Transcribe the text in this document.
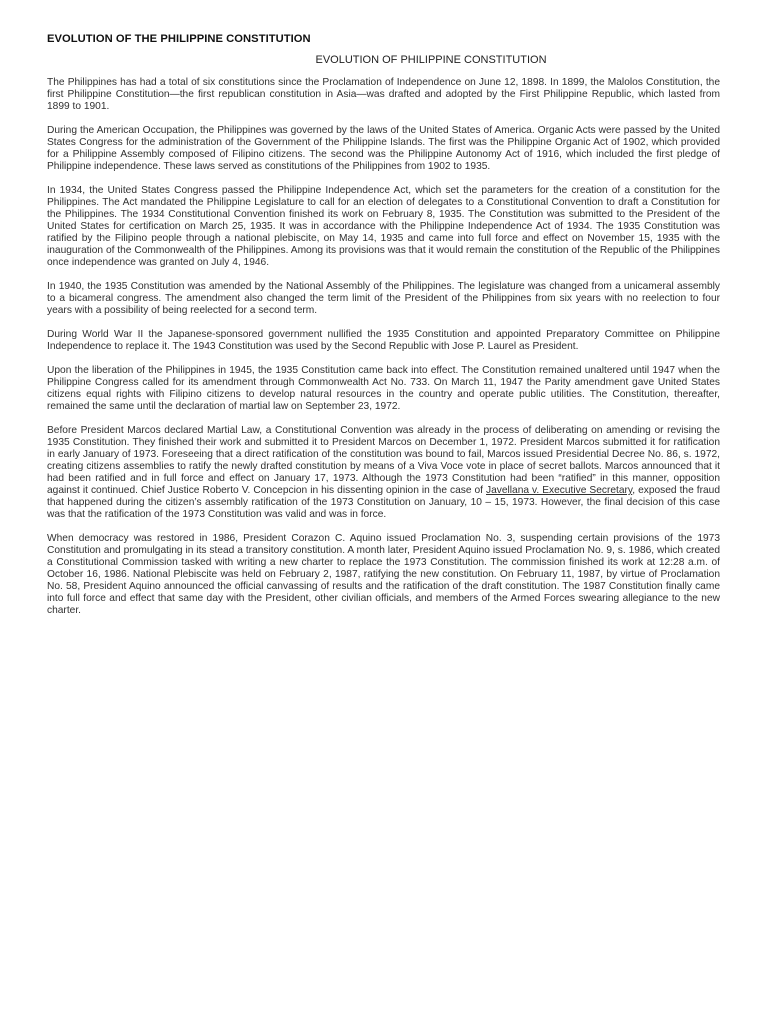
EVOLUTION OF THE PHILIPPINE CONSTITUTION
EVOLUTION OF PHILIPPINE CONSTITUTION

The Philippines has had a total of six constitutions since the Proclamation of Independence on June 12, 1898. In 1899, the Malolos Constitution, the first Philippine Constitution—the first republican constitution in Asia—was drafted and adopted by the First Philippine Republic, which lasted from 1899 to 1901.

During the American Occupation, the Philippines was governed by the laws of the United States of America. Organic Acts were passed by the United States Congress for the administration of the Government of the Philippine Islands. The first was the Philippine Organic Act of 1902, which provided for a Philippine Assembly composed of Filipino citizens. The second was the Philippine Autonomy Act of 1916, which included the first pledge of Philippine independence. These laws served as constitutions of the Philippines from 1902 to 1935.

In 1934, the United States Congress passed the Philippine Independence Act, which set the parameters for the creation of a constitution for the Philippines. The Act mandated the Philippine Legislature to call for an election of delegates to a Constitutional Convention to draft a Constitution for the Philippines. The 1934 Constitutional Convention finished its work on February 8, 1935. The Constitution was submitted to the President of the United States for certification on March 25, 1935. It was in accordance with the Philippine Independence Act of 1934. The 1935 Constitution was ratified by the Filipino people through a national plebiscite, on May 14, 1935 and came into full force and effect on November 15, 1935 with the inauguration of the Commonwealth of the Philippines. Among its provisions was that it would remain the constitution of the Republic of the Philippines once independence was granted on July 4, 1946.

In 1940, the 1935 Constitution was amended by the National Assembly of the Philippines. The legislature was changed from a unicameral assembly to a bicameral congress. The amendment also changed the term limit of the President of the Philippines from six years with no reelection to four years with a possibility of being reelected for a second term.

During World War II the Japanese-sponsored government nullified the 1935 Constitution and appointed Preparatory Committee on Philippine Independence to replace it. The 1943 Constitution was used by the Second Republic with Jose P. Laurel as President.

Upon the liberation of the Philippines in 1945, the 1935 Constitution came back into effect. The Constitution remained unaltered until 1947 when the Philippine Congress called for its amendment through Commonwealth Act No. 733. On March 11, 1947 the Parity amendment gave United States citizens equal rights with Filipino citizens to develop natural resources in the country and operate public utilities. The Constitution, thereafter, remained the same until the declaration of martial law on September 23, 1972.

Before President Marcos declared Martial Law, a Constitutional Convention was already in the process of deliberating on amending or revising the 1935 Constitution. They finished their work and submitted it to President Marcos on December 1, 1972. President Marcos submitted it for ratification in early January of 1973. Foreseeing that a direct ratification of the constitution was bound to fail, Marcos issued Presidential Decree No. 86, s. 1972, creating citizens assemblies to ratify the newly drafted constitution by means of a Viva Voce vote in place of secret ballots. Marcos announced that it had been ratified and in full force and effect on January 17, 1973. Although the 1973 Constitution had been “ratified” in this manner, opposition against it continued. Chief Justice Roberto V. Concepcion in his dissenting opinion in the case of Javellana v. Executive Secretary, exposed the fraud that happened during the citizen’s assembly ratification of the 1973 Constitution on January, 10 – 15, 1973. However, the final decision of this case was that the ratification of the 1973 Constitution was valid and was in force.

When democracy was restored in 1986, President Corazon C. Aquino issued Proclamation No. 3, suspending certain provisions of the 1973 Constitution and promulgating in its stead a transitory constitution. A month later, President Aquino issued Proclamation No. 9, s. 1986, which created a Constitutional Commission tasked with writing a new charter to replace the 1973 Constitution. The commission finished its work at 12:28 a.m. of October 16, 1986. National Plebiscite was held on February 2, 1987, ratifying the new constitution. On February 11, 1987, by virtue of Proclamation No. 58, President Aquino announced the official canvassing of results and the ratification of the draft constitution. The 1987 Constitution finally came into full force and effect that same day with the President, other civilian officials, and members of the Armed Forces swearing allegiance to the new charter.
